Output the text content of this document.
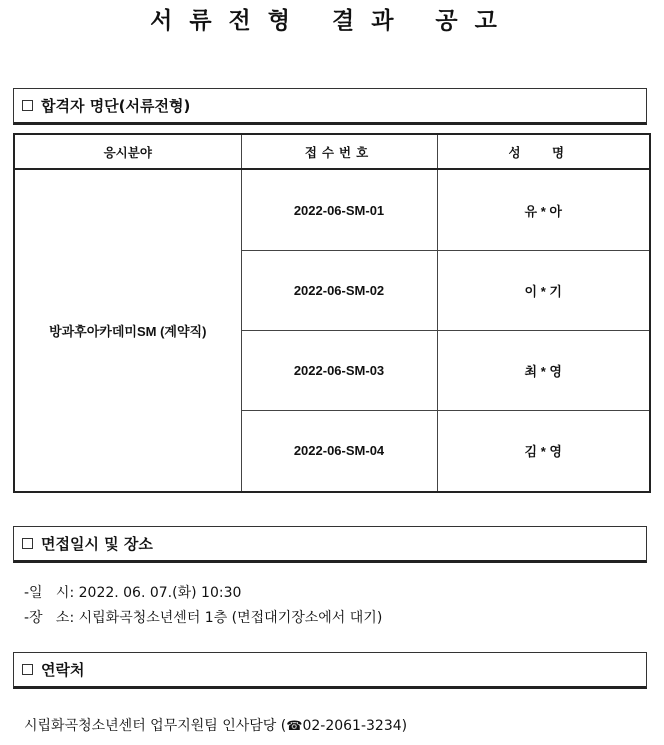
서류전형 결과 공고
합격자 명단(서류전형)
응시분야	접수번호	성 명
방과후아카데미SM (계약직)	2022-06-SM-01	유 * 아
	2022-06-SM-02	이 * 기
	2022-06-SM-03	최 * 영
	2022-06-SM-04	김 * 영
면접일시 및 장소
-일   시: 2022. 06. 07.(화) 10:30
-장   소: 시립화곡청소년센터 1층 (면접대기장소에서 대기)
연락처
시립화곡청소년센터 업무지원팀 인사담당 (☎02-2061-3234)
